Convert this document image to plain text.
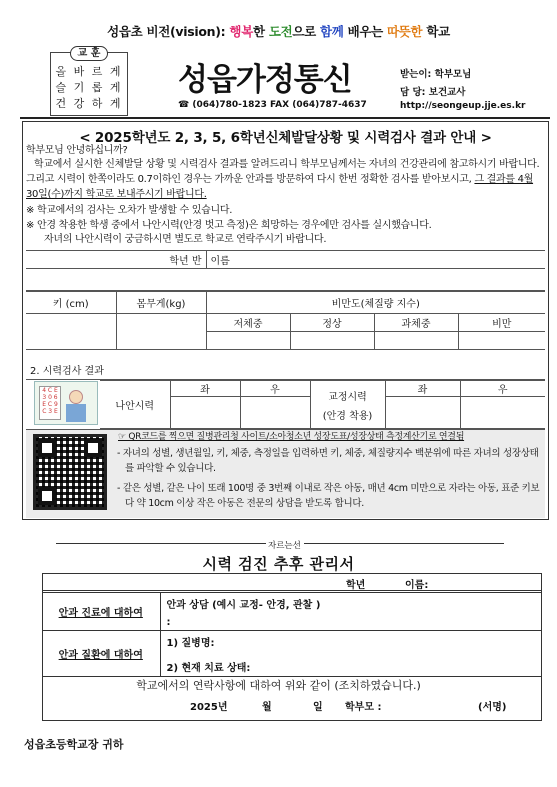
성읍초 비전(vision): 행복한 도전으로 함께 배우는 따뜻한 학교
교 훈
올 바 르 게
슬 기 롭 게
건 강 하 게
성읍가정통신
☎ (064)780-1823 FAX (064)787-4637
받는이: 학부모님
담 당: 보건교사
http://seongeup.jje.es.kr
< 2025학년도 2, 3, 5, 6학년신체발달상황 및 시력검사 결과 안내 >
학부모님 안녕하십니까?
학교에서 실시한 신체발달 상황 및 시력검사 결과를 알려드리니 학부모님께서는 자녀의 건강관리에 참고하시기 바랍니다. 그리고 시력이 한쪽이라도 0.7이하인 경우는 가까운 안과를 방문하여 다시 한번 정확한 검사를 받아보시고, 그 결과를 4월30일(수)까지 학교로 보내주시기 바랍니다.
※ 학교에서의 검사는 오차가 발생할 수 있습니다.
※ 안경 착용한 학생 중에서 나안시력(안경 벗고 측정)은 희망하는 경우에만 검사를 실시했습니다.
자녀의 나안시력이 궁금하시면 별도로 학교로 연락주시기 바랍니다.
학년 반	이름

키 (cm)	몸무게(kg)	비만도(체질량 지수)			
		저체중	정상	과체중	비만

2. 시력검사 결과
4 C E
3 0 6
E C 9
C 3 E	나안시력	좌	우	교정시력
(안경 착용)	좌	우

☞ QR코드를 찍으면 질병관리청 사이트/소아청소년 성장도표/성장상태 측정계산기로 연결됨
- 자녀의 성별, 생년월일, 키, 체중, 측정일을 입력하면 키, 체중, 체질량지수 백분위에 따른 자녀의 성장상태를 파악할 수 있습니다.
- 같은 성별, 같은 나이 또래 100명 중 3번째 이내로 작은 아동, 매년 4cm 미만으로 자라는 아동, 표준 키보다 약 10cm 이상 작은 아동은 전문의 상담을 받도록 합니다.
자르는선
시력 검진 추후 관리서
학년	이름:
안과 진료에 대하여	안과 상담 (예시 교정- 안경, 관찰 )
:

안과 질환에 대하여	1) 질병명:
2) 현재 치료 상태:
학교에서의 연락사항에 대하여 위와 같이 (조치하였습니다.)
2025년	월	일 학부모 :	(서명)
성읍초등학교장 귀하
